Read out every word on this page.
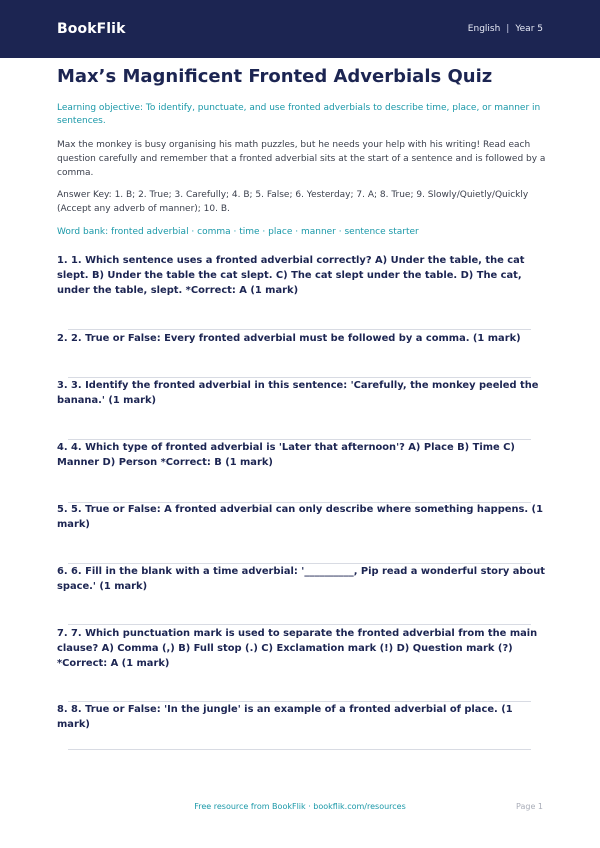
BookFlik	English | Year 5
Max’s Magnificent Fronted Adverbials Quiz
Learning objective: To identify, punctuate, and use fronted adverbials to describe time, place, or manner in sentences.
Max the monkey is busy organising his math puzzles, but he needs your help with his writing! Read each question carefully and remember that a fronted adverbial sits at the start of a sentence and is followed by a comma.
Answer Key: 1. B; 2. True; 3. Carefully; 4. B; 5. False; 6. Yesterday; 7. A; 8. True; 9. Slowly/Quietly/Quickly (Accept any adverb of manner); 10. B.
Word bank: fronted adverbial · comma · time · place · manner · sentence starter
1. 1. Which sentence uses a fronted adverbial correctly? A) Under the table, the cat slept. B) Under the table the cat slept. C) The cat slept under the table. D) The cat, under the table, slept. *Correct: A (1 mark)
2. 2. True or False: Every fronted adverbial must be followed by a comma. (1 mark)
3. 3. Identify the fronted adverbial in this sentence: 'Carefully, the monkey peeled the banana.' (1 mark)
4. 4. Which type of fronted adverbial is 'Later that afternoon'? A) Place B) Time C) Manner D) Person *Correct: B (1 mark)
5. 5. True or False: A fronted adverbial can only describe where something happens. (1 mark)
6. 6. Fill in the blank with a time adverbial: '__________, Pip read a wonderful story about space.' (1 mark)
7. 7. Which punctuation mark is used to separate the fronted adverbial from the main clause? A) Comma (,) B) Full stop (.) C) Exclamation mark (!) D) Question mark (?) *Correct: A (1 mark)
8. 8. True or False: 'In the jungle' is an example of a fronted adverbial of place. (1 mark)
Free resource from BookFlik · bookflik.com/resources	Page 1
